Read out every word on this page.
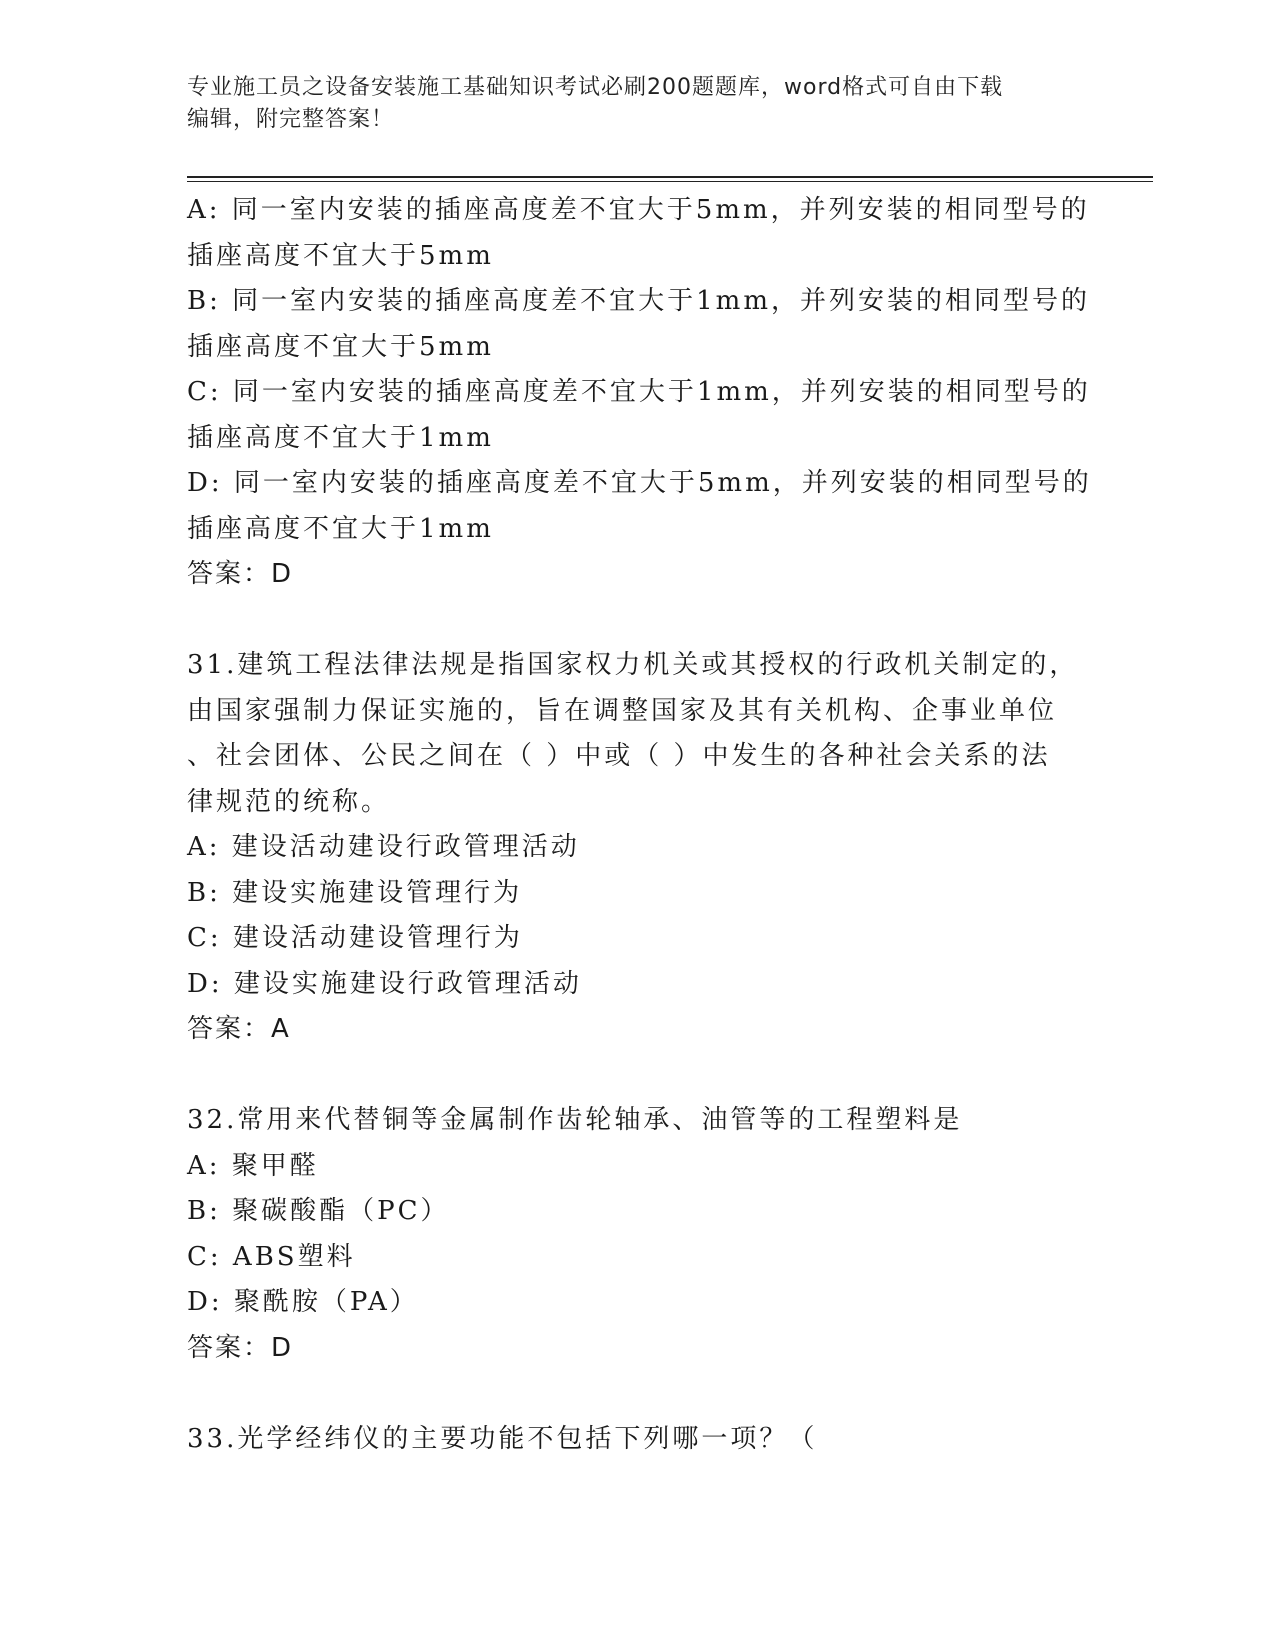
专业施工员之设备安装施工基础知识考试必刷200题题库，word格式可自由下载
编辑，附完整答案！
A: 同一室内安装的插座高度差不宜大于5mm，并列安装的相同型号的
插座高度不宜大于5mm
B: 同一室内安装的插座高度差不宜大于1mm，并列安装的相同型号的
插座高度不宜大于5mm
C: 同一室内安装的插座高度差不宜大于1mm，并列安装的相同型号的
插座高度不宜大于1mm
D: 同一室内安装的插座高度差不宜大于5mm，并列安装的相同型号的
插座高度不宜大于1mm
答案：D
31.建筑工程法律法规是指国家权力机关或其授权的行政机关制定的，
由国家强制力保证实施的，旨在调整国家及其有关机构、企事业单位
、社会团体、公民之间在（ ）中或（ ）中发生的各种社会关系的法
律规范的统称。
A: 建设活动建设行政管理活动
B: 建设实施建设管理行为
C: 建设活动建设管理行为
D: 建设实施建设行政管理活动
答案：A
32.常用来代替铜等金属制作齿轮轴承、油管等的工程塑料是
A: 聚甲醛
B: 聚碳酸酯（PC）
C: ABS塑料
D: 聚酰胺（PA）
答案：D
33.光学经纬仪的主要功能不包括下列哪一项？（
